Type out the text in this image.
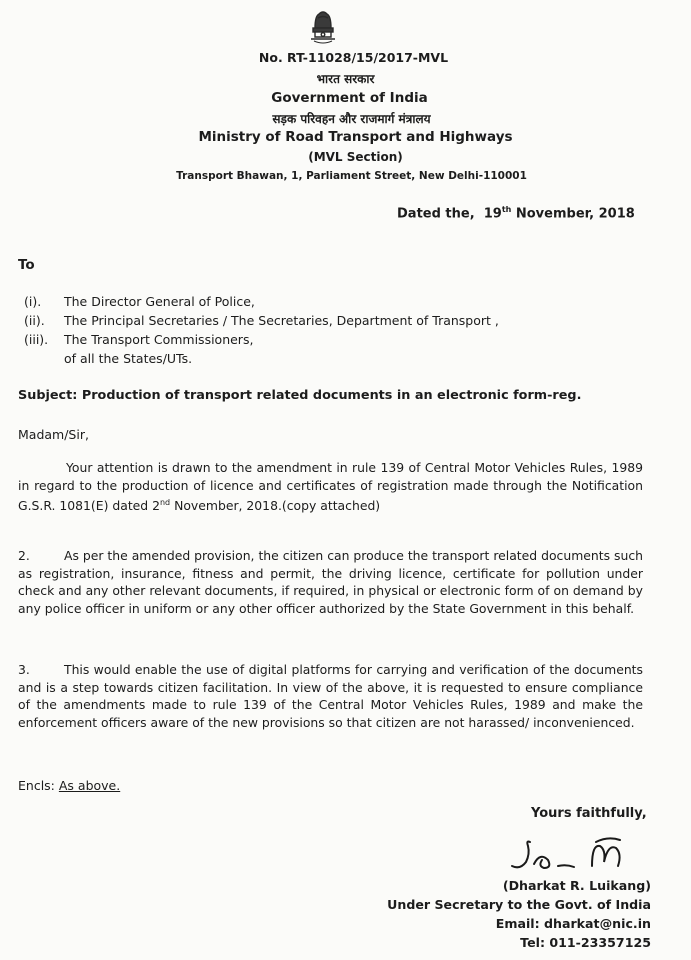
No. RT-11028/15/2017-MVL
भारत सरकार
Government of India
सड़क परिवहन और राजमार्ग मंत्रालय
Ministry of Road Transport and Highways
(MVL Section)
Transport Bhawan, 1, Parliament Street, New Delhi-110001
Dated the, 19th November, 2018
To
(i). The Director General of Police,
(ii). The Principal Secretaries / The Secretaries, Department of Transport ,
(iii). The Transport Commissioners,
of all the States/UTs.
Subject: Production of transport related documents in an electronic form-reg.
Madam/Sir,

Your attention is drawn to the amendment in rule 139 of Central Motor Vehicles Rules, 1989 in regard to the production of licence and certificates of registration made through the Notification G.S.R. 1081(E) dated 2nd November, 2018.(copy attached)

2.	As per the amended provision, the citizen can produce the transport related documents such as registration, insurance, fitness and permit, the driving licence, certificate for pollution under check and any other relevant documents, if required, in physical or electronic form of on demand by any police officer in uniform or any other officer authorized by the State Government in this behalf.

3.	This would enable the use of digital platforms for carrying and verification of the documents and is a step towards citizen facilitation. In view of the above, it is requested to ensure compliance of the amendments made to rule 139 of the Central Motor Vehicles Rules, 1989 and make the enforcement officers aware of the new provisions so that citizen are not harassed/ inconvenienced.

Encls: As above.
Yours faithfully,
(Dharkat R. Luikang)
Under Secretary to the Govt. of India
Email: dharkat@nic.in
Tel: 011-23357125
